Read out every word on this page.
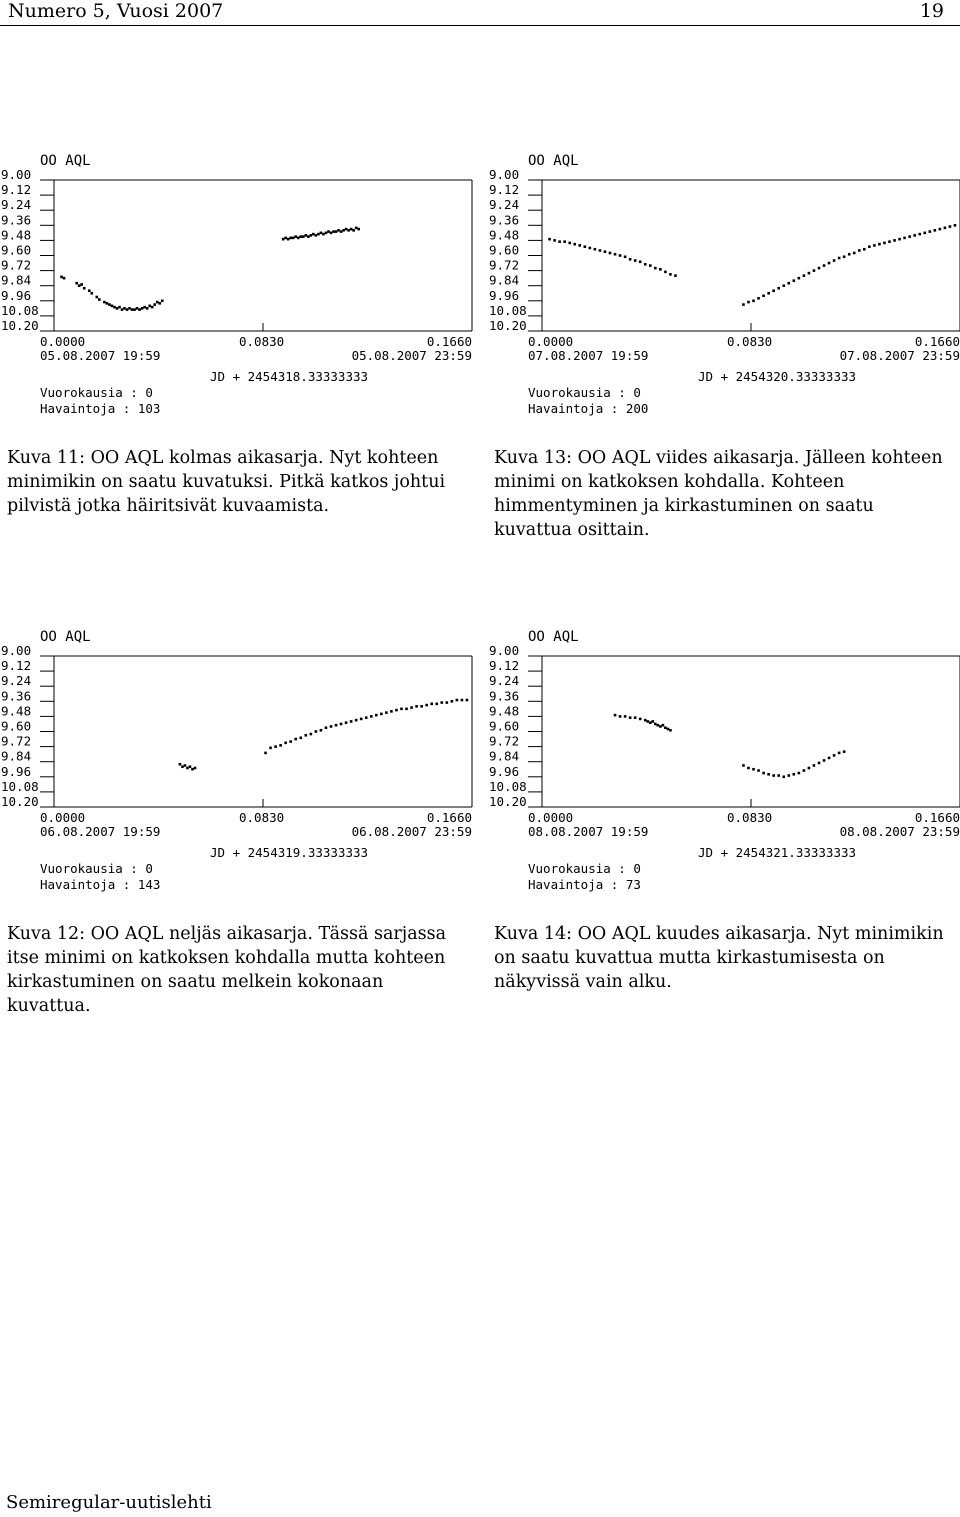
Numero 5, Vuosi 2007	19
OO AQL
9.00
9.12
9.24
9.36
9.48
9.60
9.72
9.84
9.96
10.08
10.20
0.0000	0.0830	0.1660
05.08.2007 19:59	05.08.2007 23:59
JD + 2454318.33333333
Vuorokausia : 0
Havaintoja : 103
Kuva 11: OO AQL kolmas aikasarja. Nyt kohteen minimikin on saatu kuvatuksi. Pitkä katkos johtui pilvistä jotka häiritsivät kuvaamista.
OO AQL
9.00
9.12
9.24
9.36
9.48
9.60
9.72
9.84
9.96
10.08
10.20
0.0000	0.0830	0.1660
07.08.2007 19:59	07.08.2007 23:59
JD + 2454320.33333333
Vuorokausia : 0
Havaintoja : 200
Kuva 13: OO AQL viides aikasarja. Jälleen kohteen minimi on katkoksen kohdalla. Kohteen himmentyminen ja kirkastuminen on saatu kuvattua osittain.
OO AQL
9.00
9.12
9.24
9.36
9.48
9.60
9.72
9.84
9.96
10.08
10.20
0.0000	0.0830	0.1660
06.08.2007 19:59	06.08.2007 23:59
JD + 2454319.33333333
Vuorokausia : 0
Havaintoja : 143
Kuva 12: OO AQL neljäs aikasarja. Tässä sarjassa itse minimi on katkoksen kohdalla mutta kohteen kirkastuminen on saatu melkein kokonaan kuvattua.
OO AQL
9.00
9.12
9.24
9.36
9.48
9.60
9.72
9.84
9.96
10.08
10.20
0.0000	0.0830	0.1660
08.08.2007 19:59	08.08.2007 23:59
JD + 2454321.33333333
Vuorokausia : 0
Havaintoja : 73
Kuva 14: OO AQL kuudes aikasarja. Nyt minimikin on saatu kuvattua mutta kirkastumisesta on näkyvissä vain alku.
Semiregular-uutislehti
